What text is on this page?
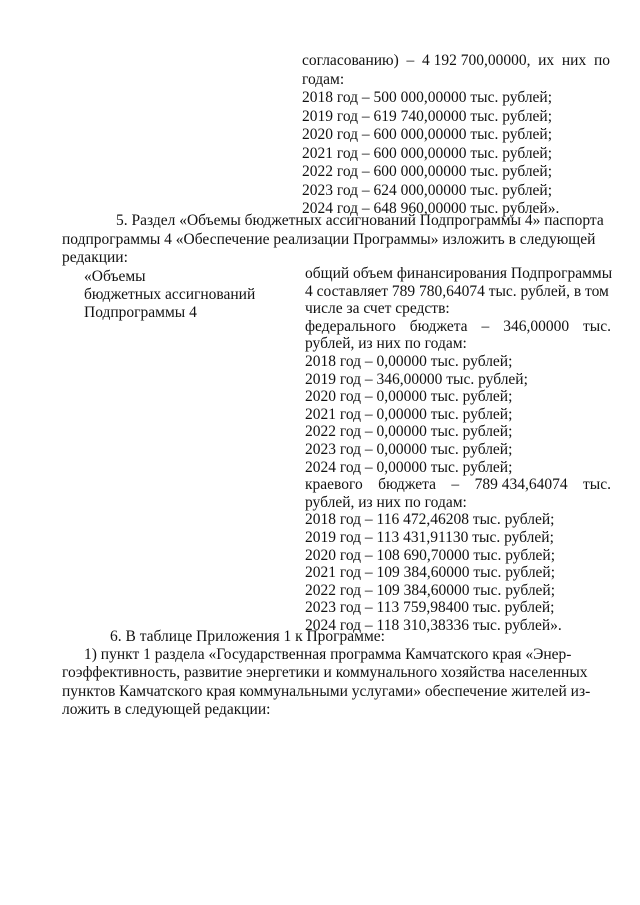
согласованию) – 4 192 700,00000, их них по
годам:
2018 год – 500 000,00000 тыс. рублей;
2019 год – 619 740,00000 тыс. рублей;
2020 год – 600 000,00000 тыс. рублей;
2021 год – 600 000,00000 тыс. рублей;
2022 год – 600 000,00000 тыс. рублей;
2023 год – 624 000,00000 тыс. рублей;
2024 год – 648 960,00000 тыс. рублей».
5. Раздел «Объемы бюджетных ассигнований Подпрограммы 4» паспорта
подпрограммы 4 «Обеспечение реализации Программы» изложить в следующей
редакции:
«Объемы
бюджетных ассигнований
Подпрограммы 4
общий объем финансирования Подпрограммы
4 составляет 789 780,64074 тыс. рублей, в том
числе за счет средств:
федерального бюджета – 346,00000 тыс.
рублей, из них по годам:
2018 год – 0,00000 тыс. рублей;
2019 год – 346,00000 тыс. рублей;
2020 год – 0,00000 тыс. рублей;
2021 год – 0,00000 тыс. рублей;
2022 год – 0,00000 тыс. рублей;
2023 год – 0,00000 тыс. рублей;
2024 год – 0,00000 тыс. рублей;
краевого бюджета – 789 434,64074 тыс.
рублей, из них по годам:
2018 год – 116 472,46208 тыс. рублей;
2019 год – 113 431,91130 тыс. рублей;
2020 год – 108 690,70000 тыс. рублей;
2021 год – 109 384,60000 тыс. рублей;
2022 год – 109 384,60000 тыс. рублей;
2023 год – 113 759,98400 тыс. рублей;
2024 год – 118 310,38336 тыс. рублей».
6. В таблице Приложения 1 к Программе:
1) пункт 1 раздела «Государственная программа Камчатского края «Энер-
гоэффективность, развитие энергетики и коммунального хозяйства населенных
пунктов Камчатского края коммунальными услугами» обеспечение жителей из-
ложить в следующей редакции:
